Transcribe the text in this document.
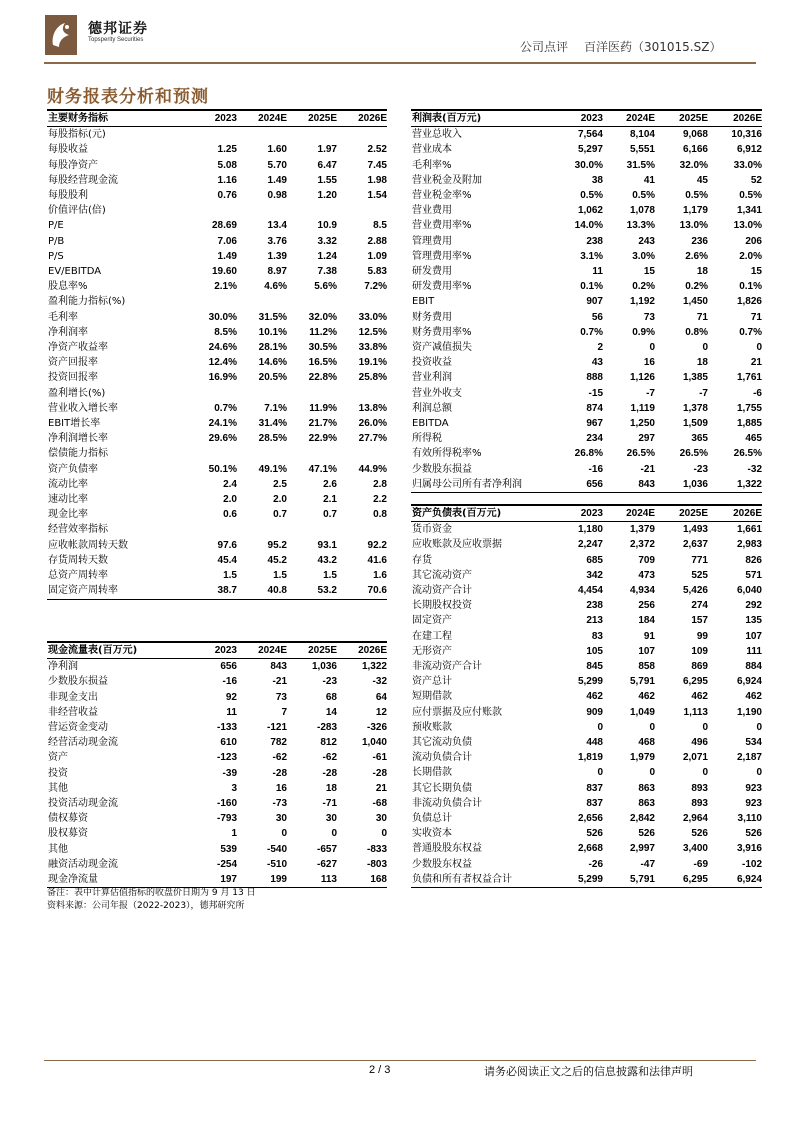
德邦证券
Topsperity Securities	公司点评 百洋医药（301015.SZ）
财务报表分析和预测
主要财务指标	2023	2024E	2025E	2026E
每股指标(元)				
每股收益	1.25	1.60	1.97	2.52
每股净资产	5.08	5.70	6.47	7.45
每股经营现金流	1.16	1.49	1.55	1.98
每股股利	0.76	0.98	1.20	1.54
价值评估(倍)				
P/E	28.69	13.4	10.9	8.5
P/B	7.06	3.76	3.32	2.88
P/S	1.49	1.39	1.24	1.09
EV/EBITDA	19.60	8.97	7.38	5.83
股息率%	2.1%	4.6%	5.6%	7.2%
盈利能力指标(%)				
毛利率	30.0%	31.5%	32.0%	33.0%
净利润率	8.5%	10.1%	11.2%	12.5%
净资产收益率	24.6%	28.1%	30.5%	33.8%
资产回报率	12.4%	14.6%	16.5%	19.1%
投资回报率	16.9%	20.5%	22.8%	25.8%
盈利增长(%)				
营业收入增长率	0.7%	7.1%	11.9%	13.8%
EBIT增长率	24.1%	31.4%	21.7%	26.0%
净利润增长率	29.6%	28.5%	22.9%	27.7%
偿债能力指标				
资产负债率	50.1%	49.1%	47.1%	44.9%
流动比率	2.4	2.5	2.6	2.8
速动比率	2.0	2.0	2.1	2.2
现金比率	0.6	0.7	0.7	0.8
经营效率指标				
应收帐款周转天数	97.6	95.2	93.1	92.2
存货周转天数	45.4	45.2	43.2	41.6
总资产周转率	1.5	1.5	1.5	1.6
固定资产周转率	38.7	40.8	53.2	70.6
利润表(百万元)	2023	2024E	2025E	2026E
营业总收入	7,564	8,104	9,068	10,316
营业成本	5,297	5,551	6,166	6,912
毛利率%	30.0%	31.5%	32.0%	33.0%
营业税金及附加	38	41	45	52
营业税金率%	0.5%	0.5%	0.5%	0.5%
营业费用	1,062	1,078	1,179	1,341
营业费用率%	14.0%	13.3%	13.0%	13.0%
管理费用	238	243	236	206
管理费用率%	3.1%	3.0%	2.6%	2.0%
研发费用	11	15	18	15
研发费用率%	0.1%	0.2%	0.2%	0.1%
EBIT	907	1,192	1,450	1,826
财务费用	56	73	71	71
财务费用率%	0.7%	0.9%	0.8%	0.7%
资产减值损失	2	0	0	0
投资收益	43	16	18	21
营业利润	888	1,126	1,385	1,761
营业外收支	-15	-7	-7	-6
利润总额	874	1,119	1,378	1,755
EBITDA	967	1,250	1,509	1,885
所得税	234	297	365	465
有效所得税率%	26.8%	26.5%	26.5%	26.5%
少数股东损益	-16	-21	-23	-32
归属母公司所有者净利润	656	843	1,036	1,322
资产负债表(百万元)	2023	2024E	2025E	2026E
货币资金	1,180	1,379	1,493	1,661
应收账款及应收票据	2,247	2,372	2,637	2,983
存货	685	709	771	826
其它流动资产	342	473	525	571
流动资产合计	4,454	4,934	5,426	6,040
长期股权投资	238	256	274	292
固定资产	213	184	157	135
在建工程	83	91	99	107
无形资产	105	107	109	111
非流动资产合计	845	858	869	884
资产总计	5,299	5,791	6,295	6,924
短期借款	462	462	462	462
应付票据及应付账款	909	1,049	1,113	1,190
预收账款	0	0	0	0
其它流动负债	448	468	496	534
流动负债合计	1,819	1,979	2,071	2,187
长期借款	0	0	0	0
其它长期负债	837	863	893	923
非流动负债合计	837	863	893	923
负债总计	2,656	2,842	2,964	3,110
实收资本	526	526	526	526
普通股股东权益	2,668	2,997	3,400	3,916
少数股东权益	-26	-47	-69	-102
负债和所有者权益合计	5,299	5,791	6,295	6,924
现金流量表(百万元)	2023	2024E	2025E	2026E
净利润	656	843	1,036	1,322
少数股东损益	-16	-21	-23	-32
非现金支出	92	73	68	64
非经营收益	11	7	14	12
营运资金变动	-133	-121	-283	-326
经营活动现金流	610	782	812	1,040
资产	-123	-62	-62	-61
投资	-39	-28	-28	-28
其他	3	16	18	21
投资活动现金流	-160	-73	-71	-68
债权募资	-793	30	30	30
股权募资	1	0	0	0
其他	539	-540	-657	-833
融资活动现金流	-254	-510	-627	-803
现金净流量	197	199	113	168
备注：表中计算估值指标的收盘价日期为 9 月 13 日
资料来源：公司年报（2022-2023），德邦研究所
2 / 3	请务必阅读正文之后的信息披露和法律声明
